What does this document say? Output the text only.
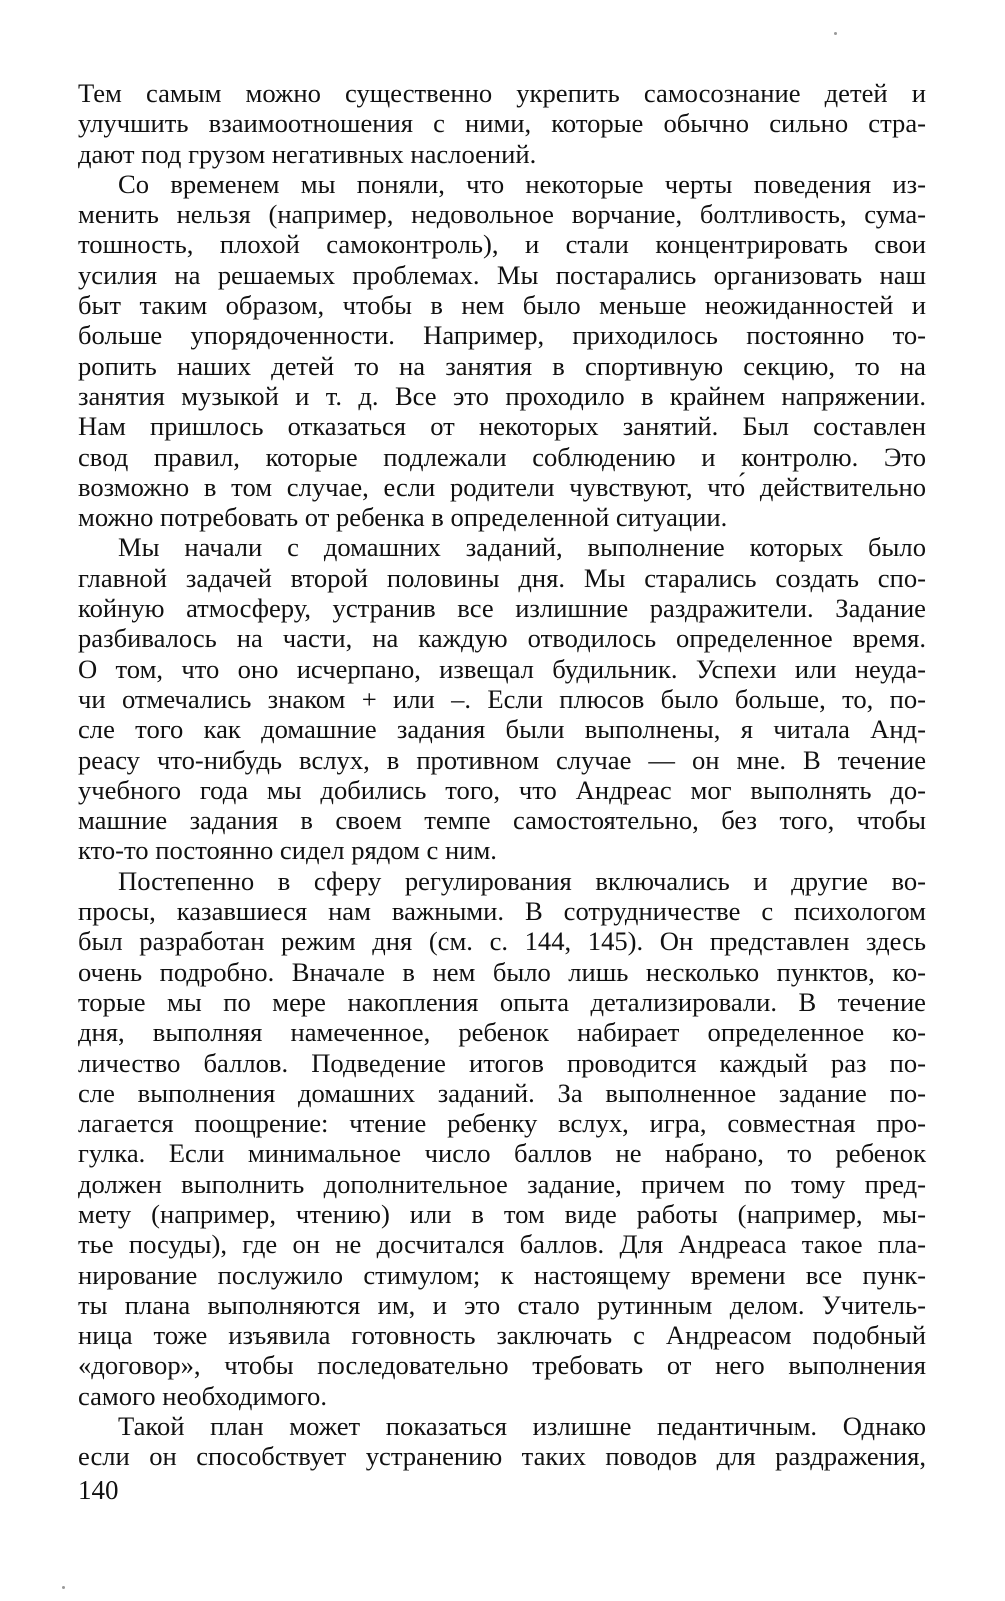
Тем самым можно существенно укрепить самосознание детей и
улучшить взаимоотношения с ними, которые обычно сильно стра-
дают под грузом негативных наслоений.
Со временем мы поняли, что некоторые черты поведения из-
менить нельзя (например, недовольное ворчание, болтливость, сума-
тошность, плохой самоконтроль), и стали концентрировать свои
усилия на решаемых проблемах. Мы постарались организовать наш
быт таким образом, чтобы в нем было меньше неожиданностей и
больше упорядоченности. Например, приходилось постоянно то-
ропить наших детей то на занятия в спортивную секцию, то на
занятия музыкой и т. д. Все это проходило в крайнем напряжении.
Нам пришлось отказаться от некоторых занятий. Был составлен
свод правил, которые подлежали соблюдению и контролю. Это
возможно в том случае, если родители чувствуют, что́ действительно
можно потребовать от ребенка в определенной ситуации.
Мы начали с домашних заданий, выполнение которых было
главной задачей второй половины дня. Мы старались создать спо-
койную атмосферу, устранив все излишние раздражители. Задание
разбивалось на части, на каждую отводилось определенное время.
О том, что оно исчерпано, извещал будильник. Успехи или неуда-
чи отмечались знаком + или –. Если плюсов было больше, то, по-
сле того как домашние задания были выполнены, я читала Анд-
реасу что-нибудь вслух, в противном случае — он мне. В течение
учебного года мы добились того, что Андреас мог выполнять до-
машние задания в своем темпе самостоятельно, без того, чтобы
кто-то постоянно сидел рядом с ним.
Постепенно в сферу регулирования включались и другие во-
просы, казавшиеся нам важными. В сотрудничестве с психологом
был разработан режим дня (см. с. 144, 145). Он представлен здесь
очень подробно. Вначале в нем было лишь несколько пунктов, ко-
торые мы по мере накопления опыта детализировали. В течение
дня, выполняя намеченное, ребенок набирает определенное ко-
личество баллов. Подведение итогов проводится каждый раз по-
сле выполнения домашних заданий. За выполненное задание по-
лагается поощрение: чтение ребенку вслух, игра, совместная про-
гулка. Если минимальное число баллов не набрано, то ребенок
должен выполнить дополнительное задание, причем по тому пред-
мету (например, чтению) или в том виде работы (например, мы-
тье посуды), где он не досчитался баллов. Для Андреаса такое пла-
нирование послужило стимулом; к настоящему времени все пунк-
ты плана выполняются им, и это стало рутинным делом. Учитель-
ница тоже изъявила готовность заключать с Андреасом подобный
«договор», чтобы последовательно требовать от него выполнения
самого необходимого.
Такой план может показаться излишне педантичным. Однако
если он способствует устранению таких поводов для раздражения,
140
